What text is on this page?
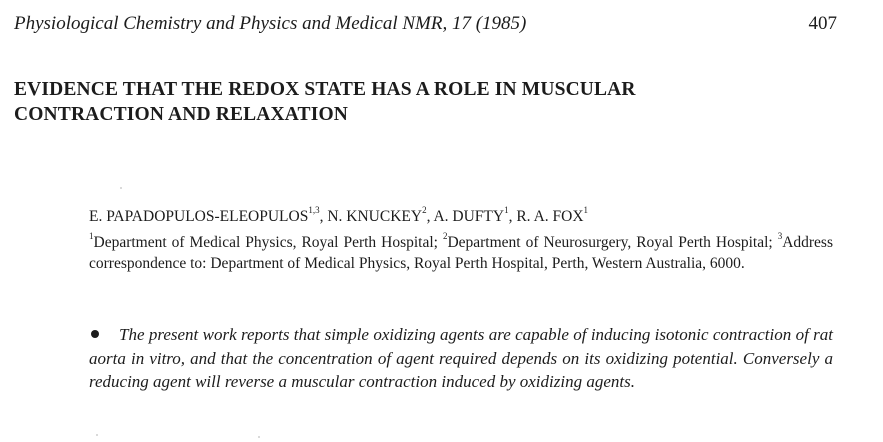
Physiological Chemistry and Physics and Medical NMR, 17 (1985)	407
EVIDENCE THAT THE REDOX STATE HAS A ROLE IN MUSCULAR
CONTRACTION AND RELAXATION
E. PAPADOPULOS-ELEOPULOS$^{1,3}$, N. KNUCKEY$^2$, A. DUFTY$^1$, R. A. FOX$^1$
$^1$Department of Medical Physics, Royal Perth Hospital; $^2$Department of Neurosurgery, Royal Perth Hospital; $^3$Address correspondence to: Department of Medical Physics, Royal Perth Hospital, Perth, Western Australia, 6000.
The present work reports that simple oxidizing agents are capable of inducing isotonic contraction of rat aorta in vitro, and that the concentration of agent required depends on its oxidizing potential. Conversely a reducing agent will reverse a muscular contraction induced by oxidizing agents.
